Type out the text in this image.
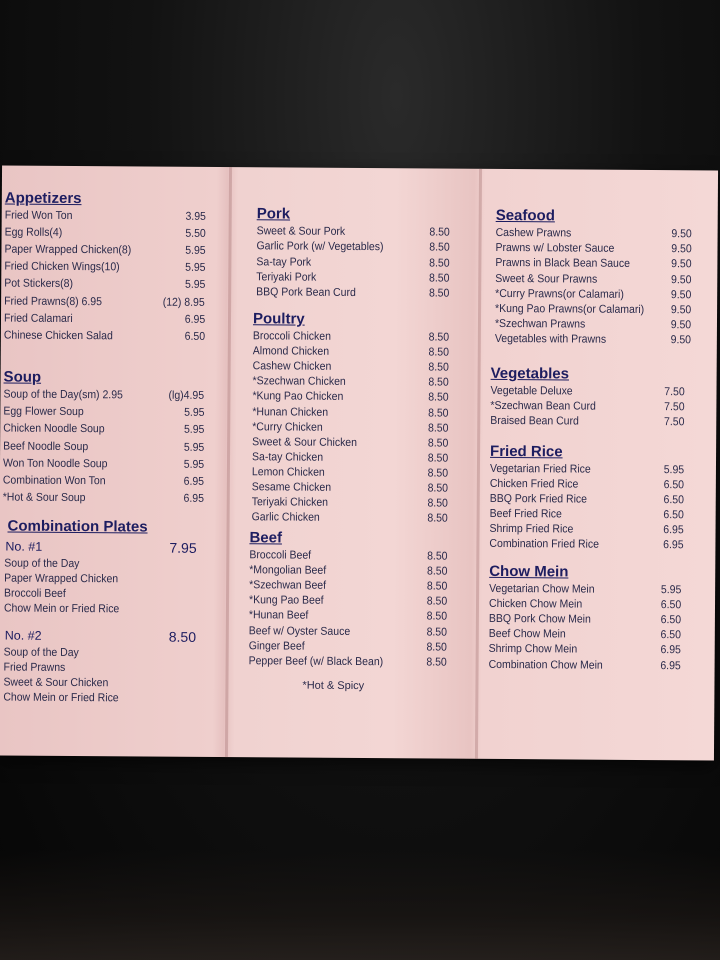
Appetizers
Fried Won Ton	3.95
Egg Rolls(4)	5.50
Paper Wrapped Chicken(8)	5.95
Fried Chicken Wings(10)	5.95
Pot Stickers(8)	5.95
Fried Prawns(8) 6.95	(12) 8.95
Fried Calamari	6.95
Chinese Chicken Salad	6.50
Soup
Soup of the Day(sm) 2.95	(lg)4.95
Egg Flower Soup	5.95
Chicken Noodle Soup	5.95
Beef Noodle Soup	5.95
Won Ton Noodle Soup	5.95
Combination Won Ton	6.95
*Hot & Sour Soup	6.95
Combination Plates
No. #1	7.95
Soup of the Day
Paper Wrapped Chicken
Broccoli Beef
Chow Mein or Fried Rice
No. #2	8.50
Soup of the Day
Fried Prawns
Sweet & Sour Chicken
Chow Mein or Fried Rice
Pork
Sweet & Sour Pork	8.50
Garlic Pork (w/ Vegetables)	8.50
Sa-tay Pork	8.50
Teriyaki Pork	8.50
BBQ Pork Bean Curd	8.50
Poultry
Broccoli Chicken	8.50
Almond Chicken	8.50
Cashew Chicken	8.50
*Szechwan Chicken	8.50
*Kung Pao Chicken	8.50
*Hunan Chicken	8.50
*Curry Chicken	8.50
Sweet & Sour Chicken	8.50
Sa-tay Chicken	8.50
Lemon Chicken	8.50
Sesame Chicken	8.50
Teriyaki Chicken	8.50
Garlic Chicken	8.50
Beef
Broccoli Beef	8.50
*Mongolian Beef	8.50
*Szechwan Beef	8.50
*Kung Pao Beef	8.50
*Hunan Beef	8.50
Beef w/ Oyster Sauce	8.50
Ginger Beef	8.50
Pepper Beef (w/ Black Bean)	8.50
*Hot & Spicy
Seafood
Cashew Prawns	9.50
Prawns w/ Lobster Sauce	9.50
Prawns in Black Bean Sauce	9.50
Sweet & Sour Prawns	9.50
*Curry Prawns(or Calamari)	9.50
*Kung Pao Prawns(or Calamari) 9.50
*Szechwan Prawns	9.50
Vegetables with Prawns	9.50
Vegetables
Vegetable Deluxe	7.50
*Szechwan Bean Curd	7.50
Braised Bean Curd	7.50
Fried Rice
Vegetarian Fried Rice	5.95
Chicken Fried Rice	6.50
BBQ Pork Fried Rice	6.50
Beef Fried Rice	6.50
Shrimp Fried Rice	6.95
Combination Fried Rice	6.95
Chow Mein
Vegetarian Chow Mein	5.95
Chicken Chow Mein	6.50
BBQ Pork Chow Mein	6.50
Beef Chow Mein	6.50
Shrimp Chow Mein	6.95
Combination Chow Mein	6.95
